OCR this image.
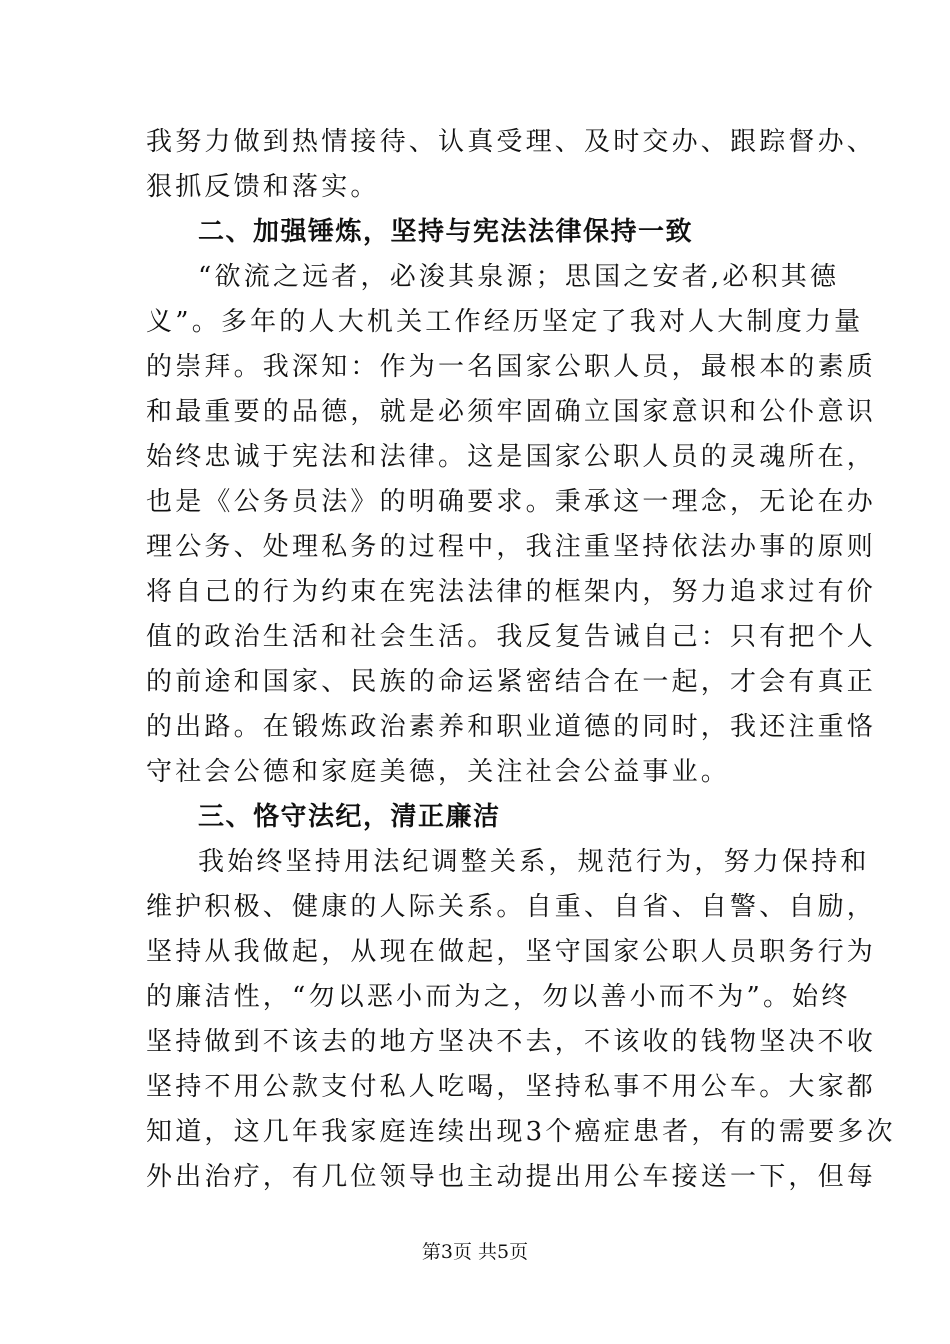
我努力做到热情接待、认真受理、及时交办、跟踪督办、
狠抓反馈和落实。
二、加强锤炼，坚持与宪法法律保持一致
“欲流之远者，必浚其泉源；思国之安者,必积其德
义”。多年的人大机关工作经历坚定了我对人大制度力量
的崇拜。我深知：作为一名国家公职人员，最根本的素质
和最重要的品德，就是必须牢固确立国家意识和公仆意识
始终忠诚于宪法和法律。这是国家公职人员的灵魂所在，
也是《公务员法》的明确要求。秉承这一理念，无论在办
理公务、处理私务的过程中，我注重坚持依法办事的原则
将自己的行为约束在宪法法律的框架内，努力追求过有价
值的政治生活和社会生活。我反复告诫自己：只有把个人
的前途和国家、民族的命运紧密结合在一起，才会有真正
的出路。在锻炼政治素养和职业道德的同时，我还注重恪
守社会公德和家庭美德，关注社会公益事业。
三、恪守法纪，清正廉洁
我始终坚持用法纪调整关系，规范行为，努力保持和
维护积极、健康的人际关系。自重、自省、自警、自励，
坚持从我做起，从现在做起，坚守国家公职人员职务行为
的廉洁性，“勿以恶小而为之，勿以善小而不为”。始终
坚持做到不该去的地方坚决不去，不该收的钱物坚决不收
坚持不用公款支付私人吃喝，坚持私事不用公车。大家都
知道，这几年我家庭连续出现3个癌症患者，有的需要多次
外出治疗，有几位领导也主动提出用公车接送一下，但每
第3页 共5页
